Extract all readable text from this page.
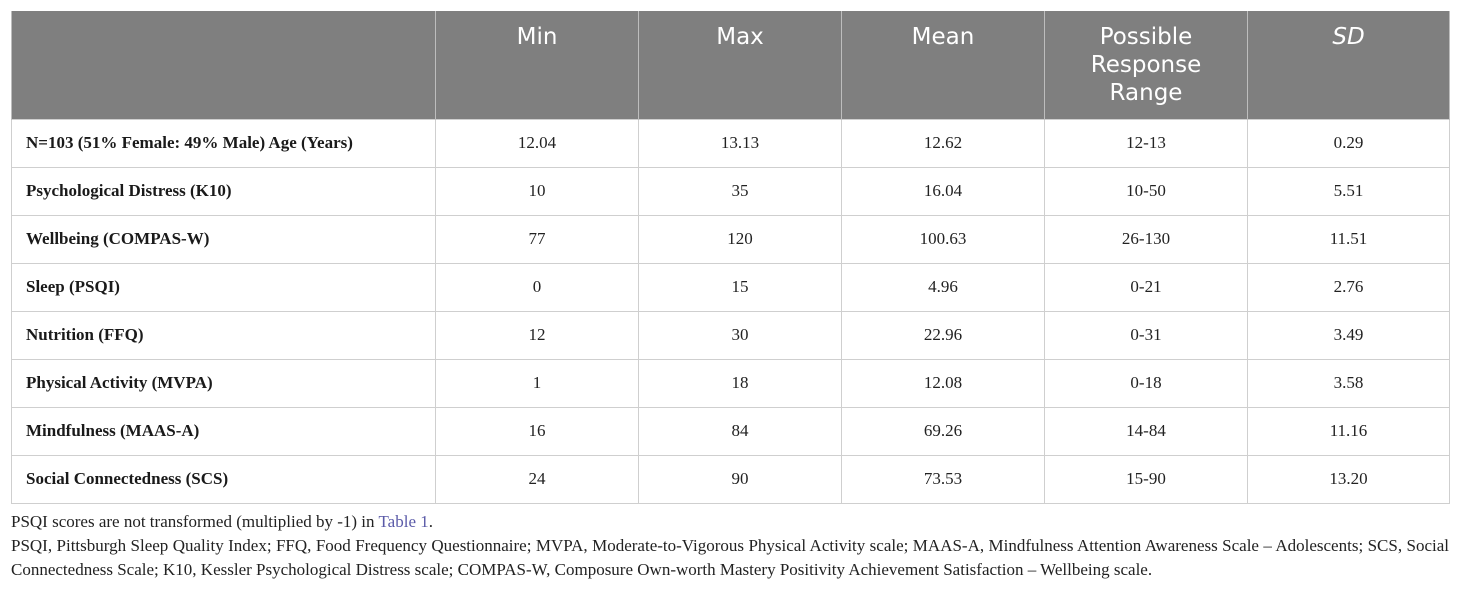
	Min	Max	Mean	Possible Response Range	SD
N=103 (51% Female: 49% Male) Age (Years)	12.04	13.13	12.62	12-13	0.29
Psychological Distress (K10)	10	35	16.04	10-50	5.51
Wellbeing (COMPAS-W)	77	120	100.63	26-130	11.51
Sleep (PSQI)	0	15	4.96	0-21	2.76
Nutrition (FFQ)	12	30	22.96	0-31	3.49
Physical Activity (MVPA)	1	18	12.08	0-18	3.58
Mindfulness (MAAS-A)	16	84	69.26	14-84	11.16
Social Connectedness (SCS)	24	90	73.53	15-90	13.20

PSQI scores are not transformed (multiplied by -1) in Table 1.

PSQI, Pittsburgh Sleep Quality Index; FFQ, Food Frequency Questionnaire; MVPA, Moderate-to-Vigorous Physical Activity scale; MAAS-A, Mindfulness Attention Awareness Scale – Adolescents; SCS, Social Connectedness Scale; K10, Kessler Psychological Distress scale; COMPAS-W, Composure Own-worth Mastery Positivity Achievement Satisfaction – Wellbeing scale.
